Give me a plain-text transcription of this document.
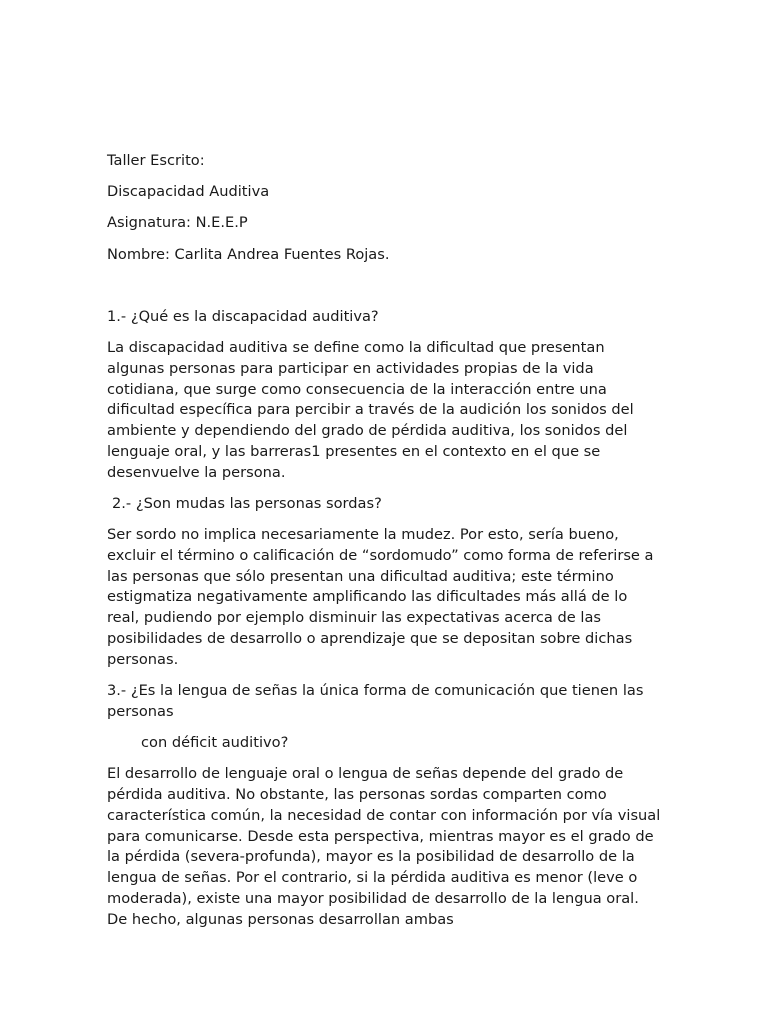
Taller Escrito:

Discapacidad Auditiva

Asignatura: N.E.E.P

Nombre: Carlita Andrea Fuentes Rojas.

1.- ¿Qué es la discapacidad auditiva?

La discapacidad auditiva se define como la dificultad que presentan algunas personas para participar en actividades propias de la vida cotidiana, que surge como consecuencia de la interacción entre una dificultad específica para percibir a través de la audición los sonidos del ambiente y dependiendo del grado de pérdida auditiva, los sonidos del lenguaje oral, y las barreras1 presentes en el contexto en el que se desenvuelve la persona.

2.- ¿Son mudas las personas sordas?

Ser sordo no implica necesariamente la mudez. Por esto, sería bueno, excluir el término o calificación de “sordomudo” como forma de referirse a las personas que sólo presentan una dificultad auditiva; este término estigmatiza negativamente amplificando las dificultades más allá de lo real, pudiendo por ejemplo disminuir las expectativas acerca de las posibilidades de desarrollo o aprendizaje que se depositan sobre dichas personas.

3.- ¿Es la lengua de señas la única forma de comunicación que tienen las personas

con déficit auditivo?

El desarrollo de lenguaje oral o lengua de señas depende del grado de pérdida auditiva. No obstante, las personas sordas comparten como característica común, la necesidad de contar con información por vía visual para comunicarse. Desde esta perspectiva, mientras mayor es el grado de la pérdida (severa-profunda), mayor es la posibilidad de desarrollo de la lengua de señas. Por el contrario, si la pérdida auditiva es menor (leve o moderada), existe una mayor posibilidad de desarrollo de la lengua oral. De hecho, algunas personas desarrollan ambas
